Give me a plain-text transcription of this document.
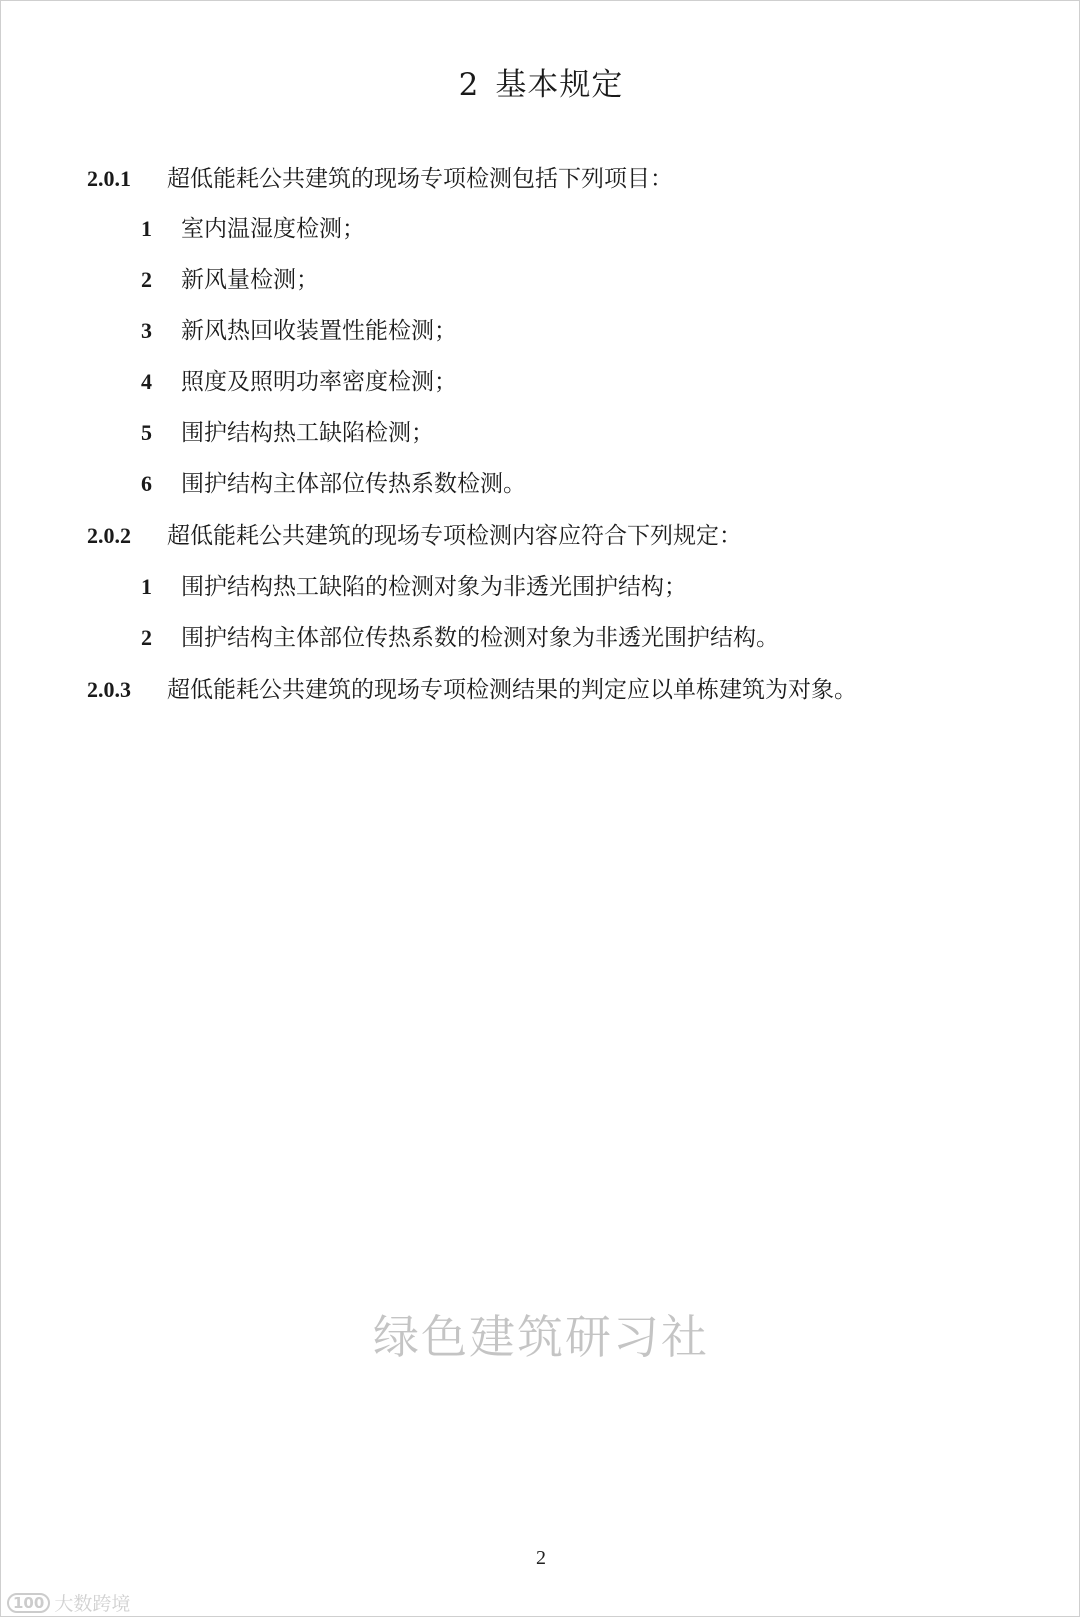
2 基本规定
2.0.1 超低能耗公共建筑的现场专项检测包括下列项目：
1 室内温湿度检测；
2 新风量检测；
3 新风热回收装置性能检测；
4 照度及照明功率密度检测；
5 围护结构热工缺陷检测；
6 围护结构主体部位传热系数检测。
2.0.2 超低能耗公共建筑的现场专项检测内容应符合下列规定：
1 围护结构热工缺陷的检测对象为非透光围护结构；
2 围护结构主体部位传热系数的检测对象为非透光围护结构。
2.0.3 超低能耗公共建筑的现场专项检测结果的判定应以单栋建筑为对象。
绿色建筑研习社
2
100 大数跨境
